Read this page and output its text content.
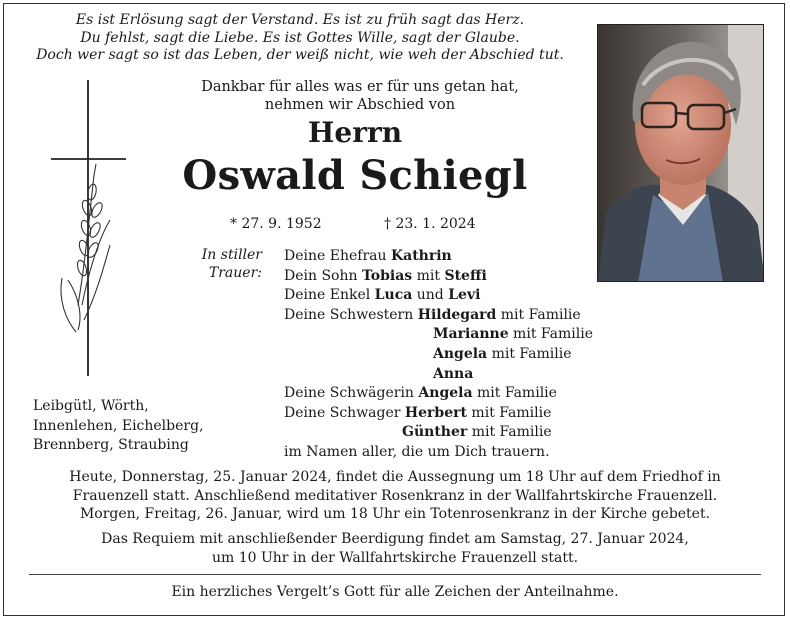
Es ist Erlösung sagt der Verstand. Es ist zu früh sagt das Herz.
Du fehlst, sagt die Liebe. Es ist Gottes Wille, sagt der Glaube.
Doch wer sagt so ist das Leben, der weiß nicht, wie weh der Abschied tut.
Dankbar für alles was er für uns getan hat,
nehmen wir Abschied von
Herrn
Oswald Schiegl
* 27. 9. 1952	† 23. 1. 2024
In stiller
Trauer:
Deine Ehefrau Kathrin
Dein Sohn Tobias mit Steffi
Deine Enkel Luca und Levi
Deine Schwestern Hildegard mit Familie
Marianne mit Familie
Angela mit Familie
Anna
Deine Schwägerin Angela mit Familie
Deine Schwager Herbert mit Familie
Günther mit Familie
im Namen aller, die um Dich trauern.
Leibgütl, Wörth,
Innenlehen, Eichelberg,
Brennberg, Straubing
Heute, Donnerstag, 25. Januar 2024, findet die Aussegnung um 18 Uhr auf dem Friedhof in
Frauenzell statt. Anschließend meditativer Rosenkranz in der Wallfahrtskirche Frauenzell.
Morgen, Freitag, 26. Januar, wird um 18 Uhr ein Totenrosenkranz in der Kirche gebetet.
Das Requiem mit anschließender Beerdigung findet am Samstag, 27. Januar 2024,
um 10 Uhr in der Wallfahrtskirche Frauenzell statt.
Ein herzliches Vergelt’s Gott für alle Zeichen der Anteilnahme.
